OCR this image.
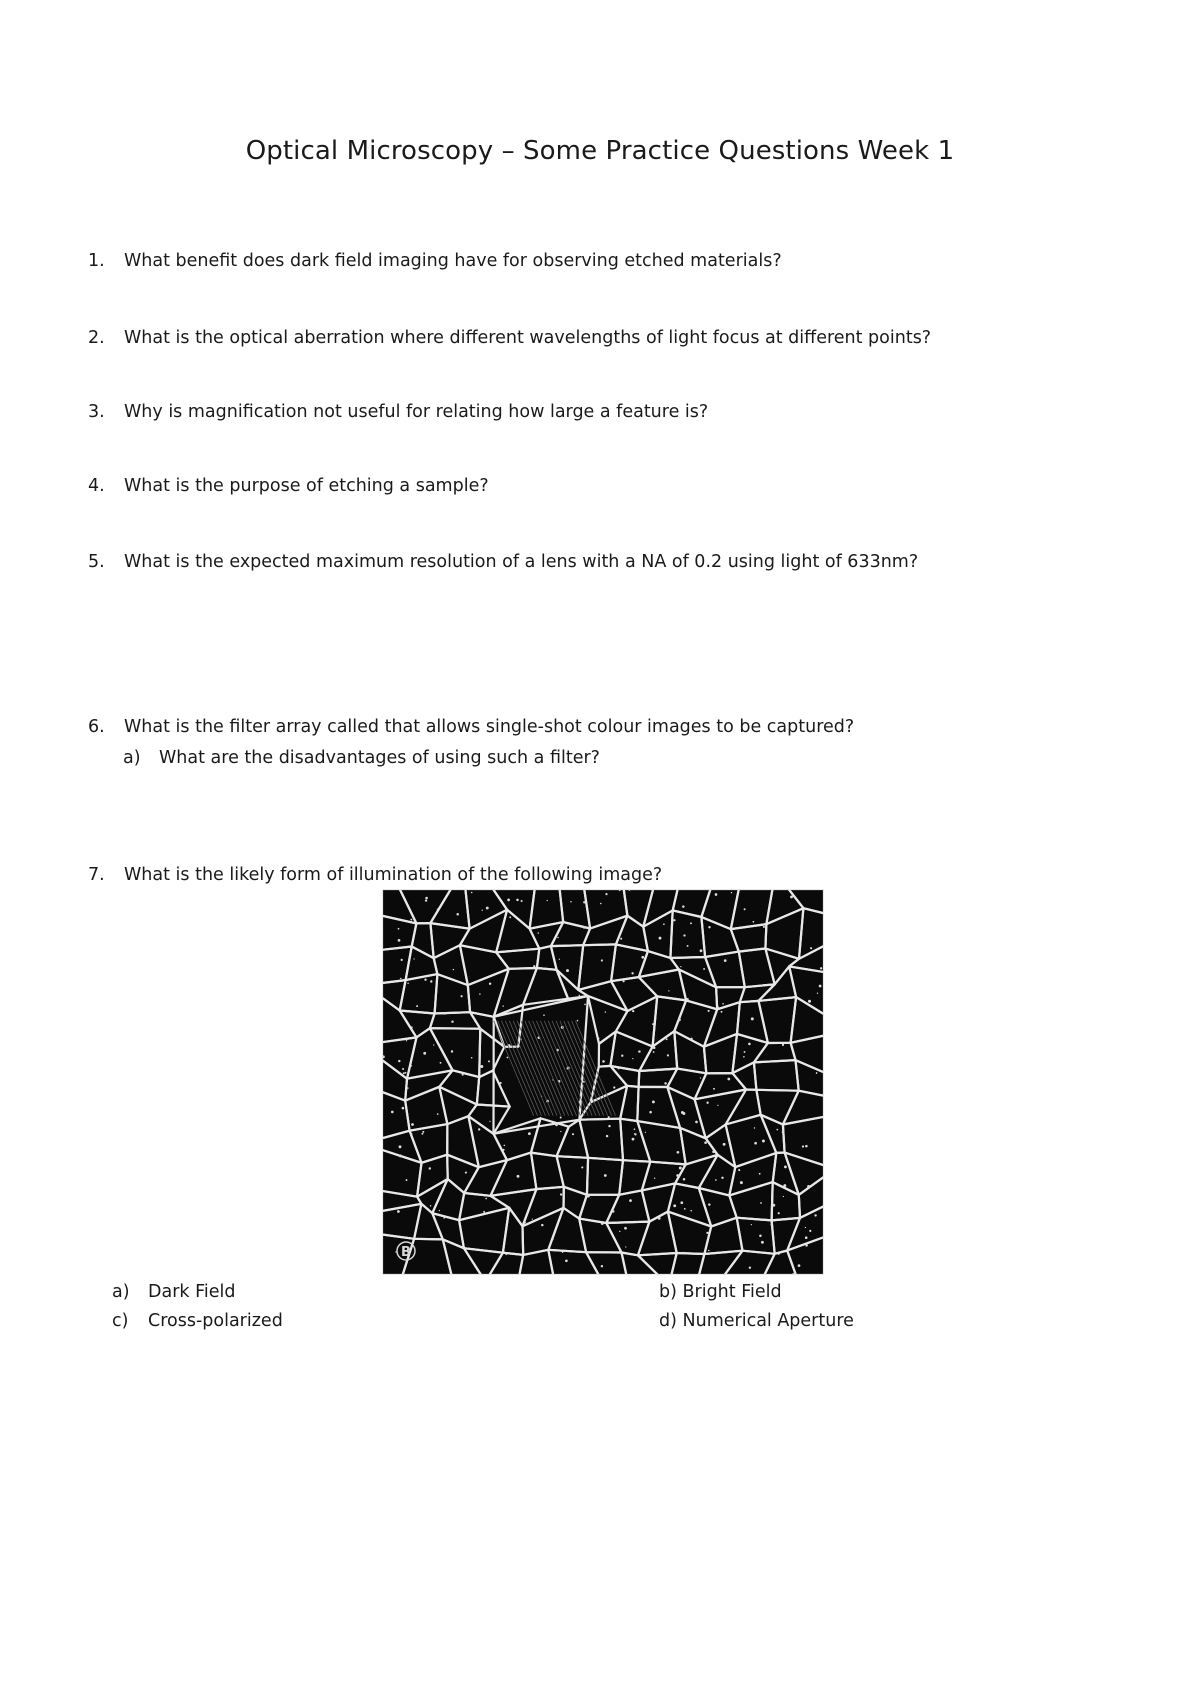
Optical Microscopy – Some Practice Questions Week 1
1. What benefit does dark field imaging have for observing etched materials?
2. What is the optical aberration where different wavelengths of light focus at different points?
3. Why is magnification not useful for relating how large a feature is?
4. What is the purpose of etching a sample?
5. What is the expected maximum resolution of a lens with a NA of 0.2 using light of 633nm?
6. What is the filter array called that allows single-shot colour images to be captured?
a) What are the disadvantages of using such a filter?
7. What is the likely form of illumination of the following image?
B
a) Dark Field	b) Bright Field
c) Cross-polarized	d) Numerical Aperture
